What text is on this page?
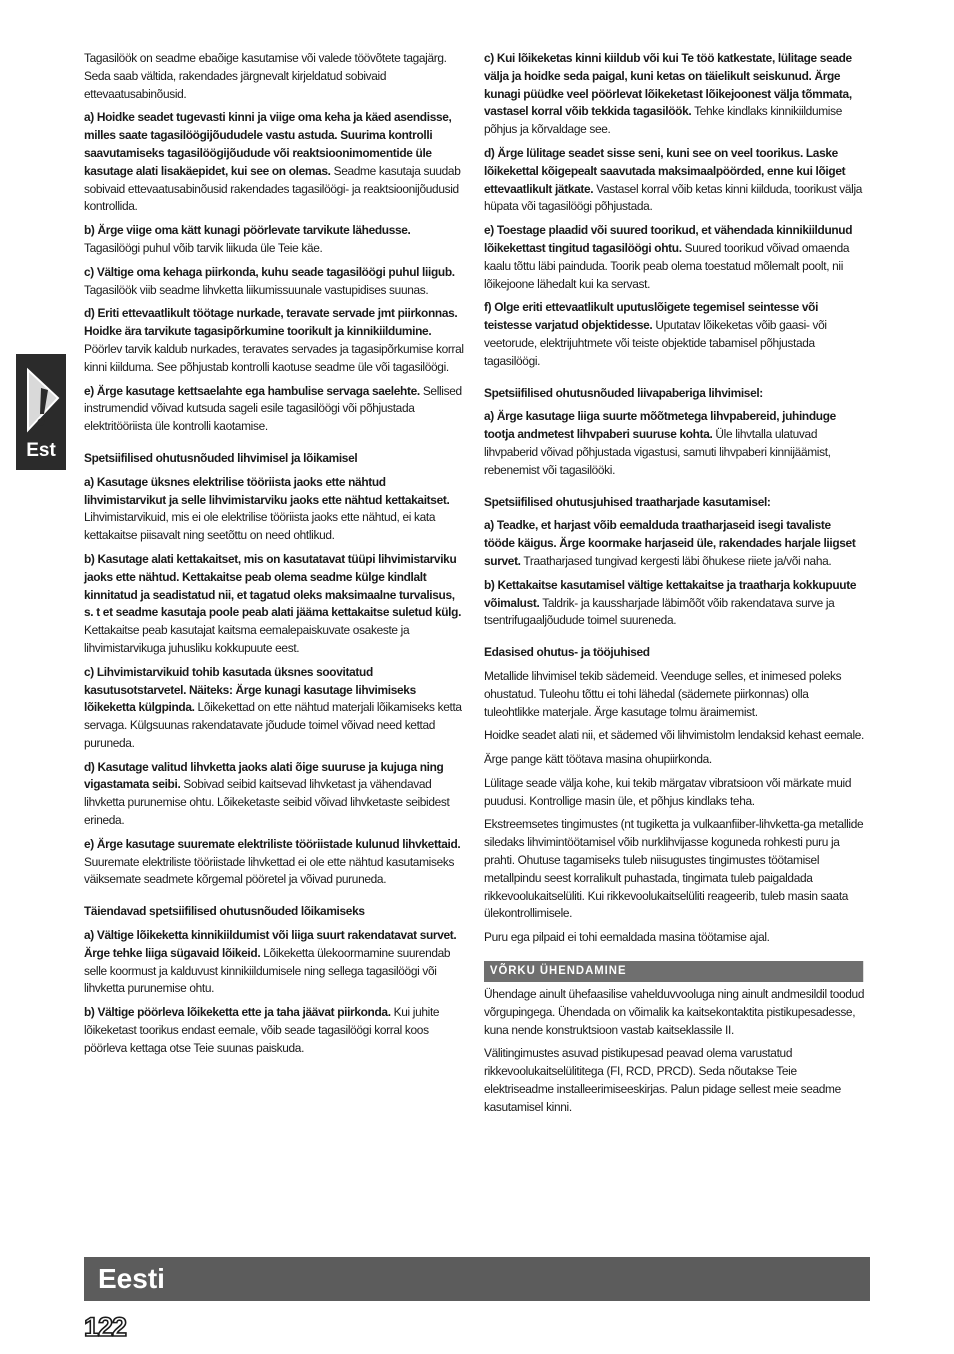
Est

Tagasilöök on seadme ebaõige kasutamise või valede töövõtete tagajärg. Seda saab vältida, rakendades järgnevalt kirjeldatud sobivaid ettevaatusabinõusid.

a) Hoidke seadet tugevasti kinni ja viige oma keha ja käed asendisse, milles saate tagasilöögijõududele vastu astuda. Suurima kontrolli saavutamiseks tagasilöögijõudude või reaktsioonimomentide üle kasutage alati lisakäepidet, kui see on olemas. Seadme kasutaja suudab sobivaid ettevaatusabinõusid rakendades tagasilöögi- ja reaktsioonijõudusid kontrollida.

b) Ärge viige oma kätt kunagi pöörlevate tarvikute lähedusse. Tagasilöögi puhul võib tarvik liikuda üle Teie käe.

c) Vältige oma kehaga piirkonda, kuhu seade tagasilöögi puhul liigub. Tagasilöök viib seadme lihvketta liikumissuunale vastupidises suunas.

d) Eriti ettevaatlikult töötage nurkade, teravate servade jmt piirkonnas. Hoidke ära tarvikute tagasipõrkumine toorikult ja kinnikiildumine. Pöörlev tarvik kaldub nurkades, teravates servades ja tagasipõrkumise korral kinni kiilduma. See põhjustab kontrolli kaotuse seadme üle või tagasilöögi.

e) Ärge kasutage kettsaelahte ega hambulise servaga saelehte. Sellised instrumendid võivad kutsuda sageli esile tagasilöögi või põhjustada elektritööriista üle kontrolli kaotamise.

Spetsiifilised ohutusnõuded lihvimisel ja lõikamisel

a) Kasutage üksnes elektrilise tööriista jaoks ette nähtud lihvimistarvikut ja selle lihvimistarviku jaoks ette nähtud kettakaitset. Lihvimistarvikuid, mis ei ole elektrilise tööriista jaoks ette nähtud, ei kata kettakaitse piisavalt ning seetõttu on need ohtlikud.

b) Kasutage alati kettakaitset, mis on kasutatavat tüüpi lihvimistarviku jaoks ette nähtud. Kettakaitse peab olema seadme külge kindlalt kinnitatud ja seadistatud nii, et tagatud oleks maksimaalne turvalisus, s. t et seadme kasutaja poole peab alati jääma kettakaitse suletud külg. Kettakaitse peab kasutajat kaitsma eemalepaiskuvate osakeste ja lihvimistarvikuga juhusliku kokkupuute eest.

c) Lihvimistarvikuid tohib kasutada üksnes soovitatud kasutusotstarvetel. Näiteks: Ärge kunagi kasutage lihvimiseks lõikeketta külgpinda. Lõikekettad on ette nähtud materjali lõikamiseks ketta servaga. Külgsuunas rakendatavate jõudude toimel võivad need kettad puruneda.

d) Kasutage valitud lihvketta jaoks alati õige suuruse ja kujuga ning vigastamata seibi. Sobivad seibid kaitsevad lihvketast ja vähendavad lihvketta purunemise ohtu. Lõikeketaste seibid võivad lihvketaste seibidest erineda.

e) Ärge kasutage suuremate elektriliste tööriistade kulunud lihvkettaid. Suuremate elektriliste tööriistade lihvkettad ei ole ette nähtud kasutamiseks väiksemate seadmete kõrgemal pööretel ja võivad puruneda.

Täiendavad spetsiifilised ohutusnõuded lõikamiseks

a) Vältige lõikeketta kinnikiildumist või liiga suurt rakendatavat survet. Ärge tehke liiga sügavaid lõikeid. Lõikeketta ülekoormamine suurendab selle koormust ja kalduvust kinnikiildumisele ning sellega tagasilöögi või lihvketta purunemise ohtu.

b) Vältige pöörleva lõikeketta ette ja taha jäävat piirkonda. Kui juhite lõikeketast toorikus endast eemale, võib seade tagasilöögi korral koos pöörleva kettaga otse Teie suunas paiskuda.

c) Kui lõikeketas kinni kiildub või kui Te töö katkestate, lülitage seade välja ja hoidke seda paigal, kuni ketas on täielikult seiskunud. Ärge kunagi püüdke veel pöörlevat lõikeketast lõikejoonest välja tõmmata, vastasel korral võib tekkida tagasilöök. Tehke kindlaks kinnikiildumise põhjus ja kõrvaldage see.

d) Ärge lülitage seadet sisse seni, kuni see on veel toorikus. Laske lõikekettal kõigepealt saavutada maksimaalpöörded, enne kui lõiget ettevaatlikult jätkate. Vastasel korral võib ketas kinni kiilduda, toorikust välja hüpata või tagasilöögi põhjustada.

e) Toestage plaadid või suured toorikud, et vähendada kinnikiildunud lõikekettast tingitud tagasilöögi ohtu. Suured toorikud võivad omaenda kaalu tõttu läbi painduda. Toorik peab olema toestatud mõlemalt poolt, nii lõikejoone lähedalt kui ka servast.

f) Olge eriti ettevaatlikult uputuslõigete tegemisel seintesse või teistesse varjatud objektidesse. Uputatav lõikeketas võib gaasi- või veetorude, elektrijuhtmete või teiste objektide tabamisel põhjustada tagasilöögi.

Spetsiifilised ohutusnõuded liivapaberiga lihvimisel:

a) Ärge kasutage liiga suurte mõõtmetega lihvpabereid, juhinduge tootja andmetest lihvpaberi suuruse kohta. Üle lihvtalla ulatuvad lihvpaberid võivad põhjustada vigastusi, samuti lihvpaberi kinnijäämist, rebenemist või tagasilööki.

Spetsiifilised ohutusjuhised traatharjade kasutamisel:

a) Teadke, et harjast võib eemalduda traatharjaseid isegi tavaliste tööde käigus. Ärge koormake harjaseid üle, rakendades harjale liigset survet. Traatharjased tungivad kergesti läbi õhukese riiete ja/või naha.

b) Kettakaitse kasutamisel vältige kettakaitse ja traatharja kokkupuute võimalust. Taldrik- ja kaussharjade läbimõõt võib rakendatava surve ja tsentrifugaaljõudude toimel suureneda.

Edasised ohutus- ja tööjuhised

Metallide lihvimisel tekib sädemeid. Veenduge selles, et inimesed poleks ohustatud. Tuleohu tõttu ei tohi lähedal (sädemete piirkonnas) olla tuleohtlikke materjale. Ärge kasutage tolmu äraimemist.

Hoidke seadet alati nii, et sädemed või lihvimistolm lendaksid kehast eemale.

Ärge pange kätt töötava masina ohupiirkonda.

Lülitage seade välja kohe, kui tekib märgatav vibratsioon või märkate muid puudusi. Kontrollige masin üle, et põhjus kindlaks teha.

Ekstreemsetes tingimustes (nt tugiketta ja vulkaanfiiber-lihvketta-ga metallide siledaks lihvimintöötamisel võib nurklihvijasse koguneda rohkesti puru ja prahti. Ohutuse tagamiseks tuleb niisugustes tingimustes töötamisel metallpindu seest korralikult puhastada, tingimata tuleb paigaldada rikkevoolukaitselüliti. Kui rikkevoolukaitselüliti reageerib, tuleb masin saata ülekontrollimisele.

Puru ega pilpaid ei tohi eemaldada masina töötamise ajal.

VÕRKU ÜHENDAMINE

Ühendage ainult ühefaasilise vahelduvvooluga ning ainult andmesildil toodud võrgupingega. Ühendada on võimalik ka kaitsekontaktita pistikupesadesse, kuna nende konstruktsioon vastab kaitseklassile II.

Välitingimustes asuvad pistikupesad peavad olema varustatud rikkevoolukaitselülititega (FI, RCD, PRCD). Seda nõutakse Teie elektriseadme installeerimiseeskirjas. Palun pidage sellest meie seadme kasutamisel kinni.

Eesti
122
